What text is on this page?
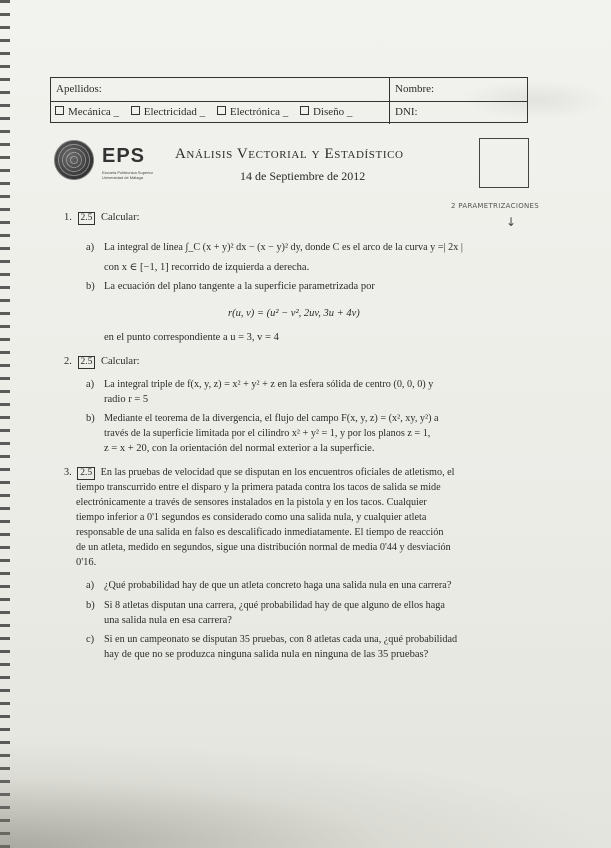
Apellidos:	Nombre:
Mecánica _ Electricidad _ Electrónica _ Diseño _	DNI:
EPS
Escuela Politécnica Superior
Universidad de Málaga
Análisis Vectorial y Estadístico
14 de Septiembre de 2012
2 PARAMETRIZACIONES
↓
1. 2.5 Calcular:
a) La integral de línea ∫_C (x + y)² dx − (x − y)² dy, donde C es el arco de la curva y =| 2x |
con x ∈ [−1, 1] recorrido de izquierda a derecha.
b) La ecuación del plano tangente a la superficie parametrizada por
r(u, v) = (u² − v², 2uv, 3u + 4v)
en el punto correspondiente a u = 3, v = 4
2. 2.5 Calcular:
a) La integral triple de f(x, y, z) = x² + y² + z en la esfera sólida de centro (0, 0, 0) y
radio r = 5
b) Mediante el teorema de la divergencia, el flujo del campo F(x, y, z) = (x², xy, y²) a
través de la superficie limitada por el cilindro x² + y² = 1, y por los planos z = 1,
z = x + 20, con la orientación del normal exterior a la superficie.
3. 2.5 En las pruebas de velocidad que se disputan en los encuentros oficiales de atletismo, el
tiempo transcurrido entre el disparo y la primera patada contra los tacos de salida se mide
electrónicamente a través de sensores instalados en la pistola y en los tacos. Cualquier
tiempo inferior a 0'1 segundos es considerado como una salida nula, y cualquier atleta
responsable de una salida en falso es descalificado inmediatamente. El tiempo de reacción
de un atleta, medido en segundos, sigue una distribución normal de media 0'44 y desviación
0'16.
a) ¿Qué probabilidad hay de que un atleta concreto haga una salida nula en una carrera?
b) Si 8 atletas disputan una carrera, ¿qué probabilidad hay de que alguno de ellos haga
una salida nula en esa carrera?
c) Si en un campeonato se disputan 35 pruebas, con 8 atletas cada una, ¿qué probabilidad
hay de que no se produzca ninguna salida nula en ninguna de las 35 pruebas?
